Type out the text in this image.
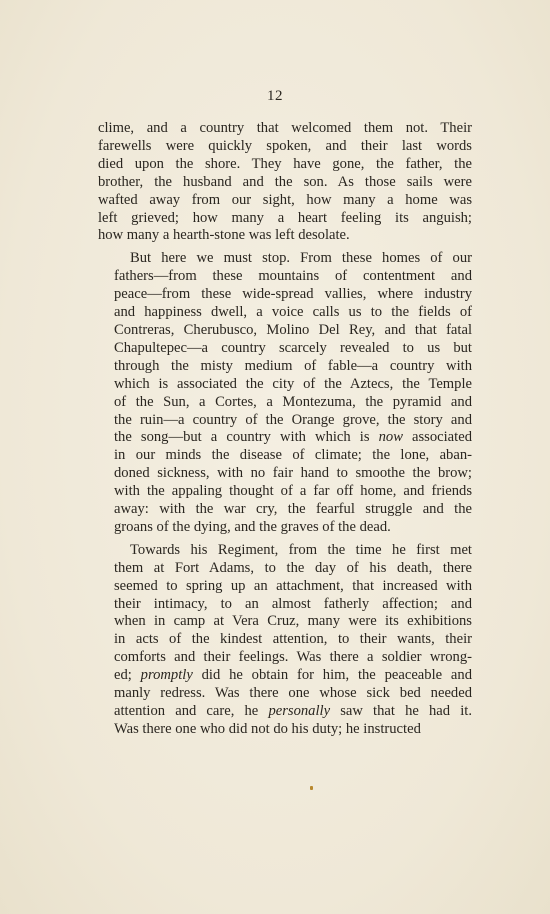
12
clime, and a country that welcomed them not. Their
farewells were quickly spoken, and their last words
died upon the shore. They have gone, the father, the
brother, the husband and the son. As those sails were
wafted away from our sight, how many a home was
left grieved; how many a heart feeling its anguish;
how many a hearth-stone was left desolate.
But here we must stop. From these homes of our
fathers—from these mountains of contentment and
peace—from these wide-spread vallies, where industry
and happiness dwell, a voice calls us to the fields of
Contreras, Cherubusco, Molino Del Rey, and that fatal
Chapultepec—a country scarcely revealed to us but
through the misty medium of fable—a country with
which is associated the city of the Aztecs, the Temple
of the Sun, a Cortes, a Montezuma, the pyramid and
the ruin—a country of the Orange grove, the story and
the song—but a country with which is now associated
in our minds the disease of climate; the lone, aban-
doned sickness, with no fair hand to smoothe the brow;
with the appaling thought of a far off home, and friends
away: with the war cry, the fearful struggle and the
groans of the dying, and the graves of the dead.
Towards his Regiment, from the time he first met
them at Fort Adams, to the day of his death, there
seemed to spring up an attachment, that increased with
their intimacy, to an almost fatherly affection; and
when in camp at Vera Cruz, many were its exhibitions
in acts of the kindest attention, to their wants, their
comforts and their feelings. Was there a soldier wrong-
ed; promptly did he obtain for him, the peaceable and
manly redress. Was there one whose sick bed needed
attention and care, he personally saw that he had it.
Was there one who did not do his duty; he instructed
